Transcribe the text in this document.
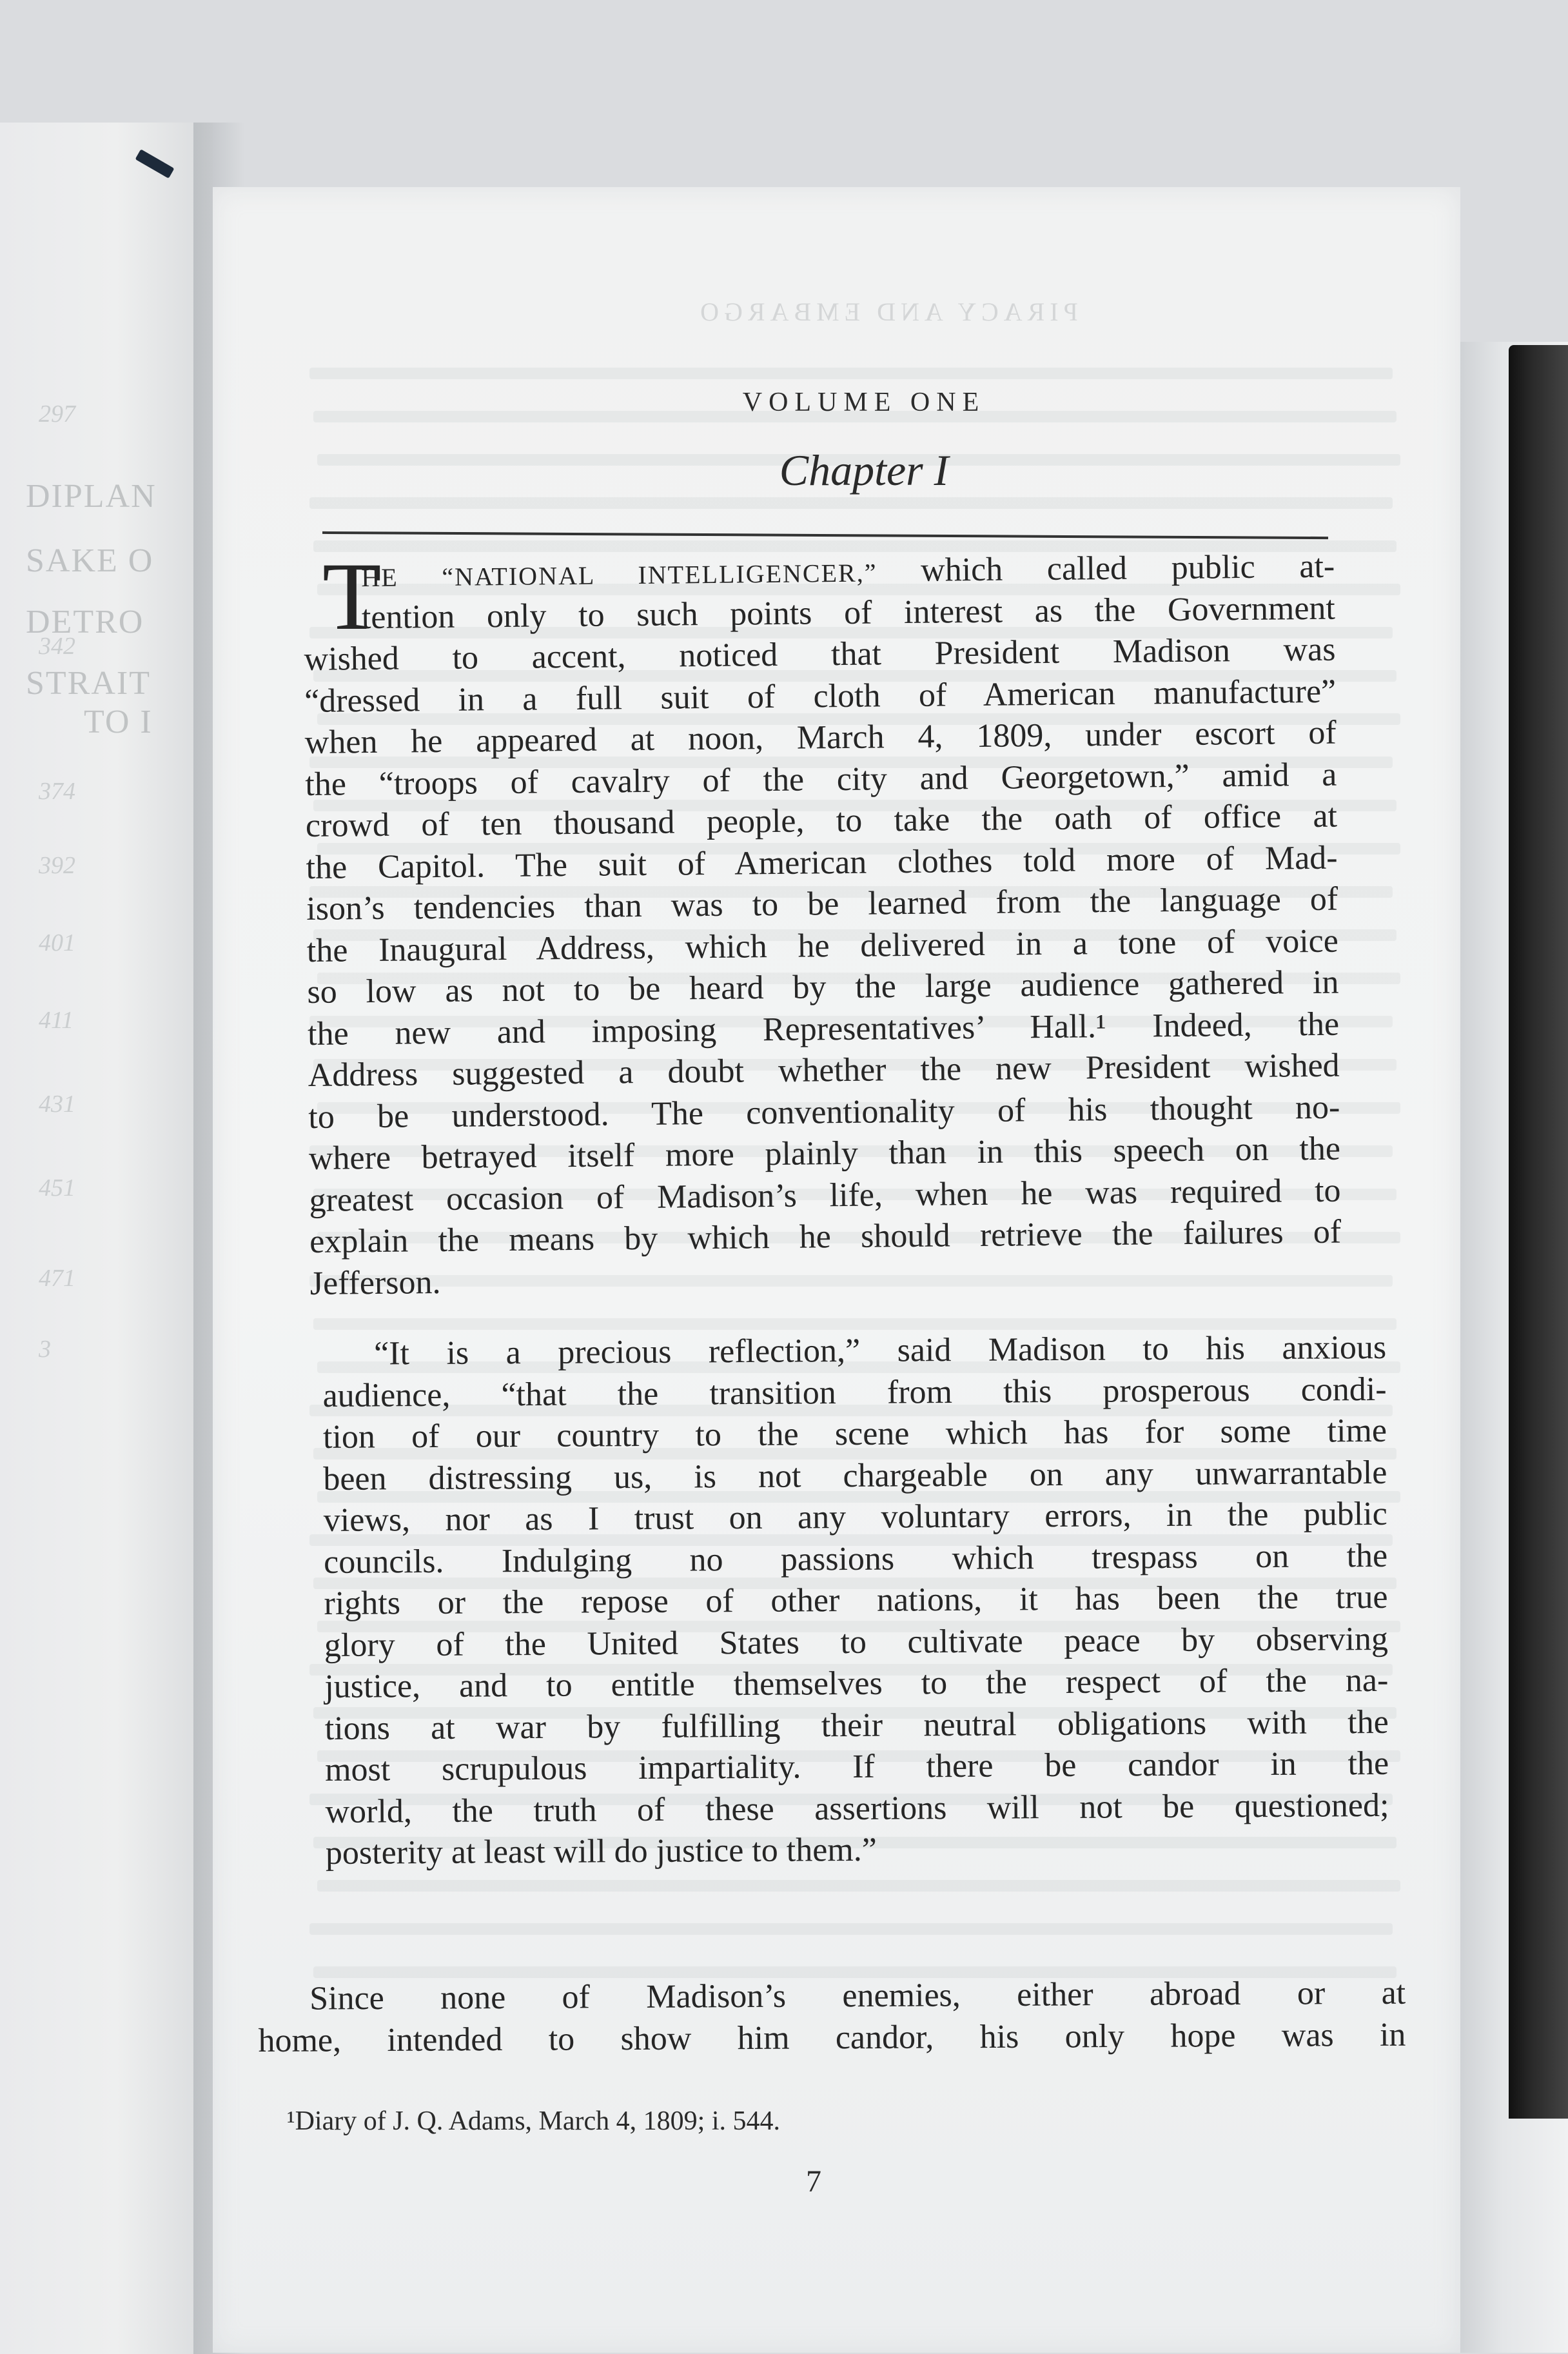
DIPLAN
SAKE O
DETRO
STRAIT
TO I
297
342
374
392
401
411
431
451
471
3
PIRACY AND EMBARGO
VOLUME ONE
Chapter I
T
HE “NATIONAL INTELLIGENCER,” which called public at-
tention only to such points of interest as the Government
wished to accent, noticed that President Madison was
“dressed in a full suit of cloth of American manufacture”
when he appeared at noon, March 4, 1809, under escort of
the “troops of cavalry of the city and Georgetown,” amid a
crowd of ten thousand people, to take the oath of office at
the Capitol. The suit of American clothes told more of Mad-
ison’s tendencies than was to be learned from the language of
the Inaugural Address, which he delivered in a tone of voice
so low as not to be heard by the large audience gathered in
the new and imposing Representatives’ Hall.¹ Indeed, the
Address suggested a doubt whether the new President wished
to be understood. The conventionality of his thought no-
where betrayed itself more plainly than in this speech on the
greatest occasion of Madison’s life, when he was required to
explain the means by which he should retrieve the failures of
Jefferson.
“It is a precious reflection,” said Madison to his anxious
audience, “that the transition from this prosperous condi-
tion of our country to the scene which has for some time
been distressing us, is not chargeable on any unwarrantable
views, nor as I trust on any voluntary errors, in the public
councils. Indulging no passions which trespass on the
rights or the repose of other nations, it has been the true
glory of the United States to cultivate peace by observing
justice, and to entitle themselves to the respect of the na-
tions at war by fulfilling their neutral obligations with the
most scrupulous impartiality. If there be candor in the
world, the truth of these assertions will not be questioned;
posterity at least will do justice to them.”
Since none of Madison’s enemies, either abroad or at
home, intended to show him candor, his only hope was in
¹Diary of J. Q. Adams, March 4, 1809; i. 544.
7
